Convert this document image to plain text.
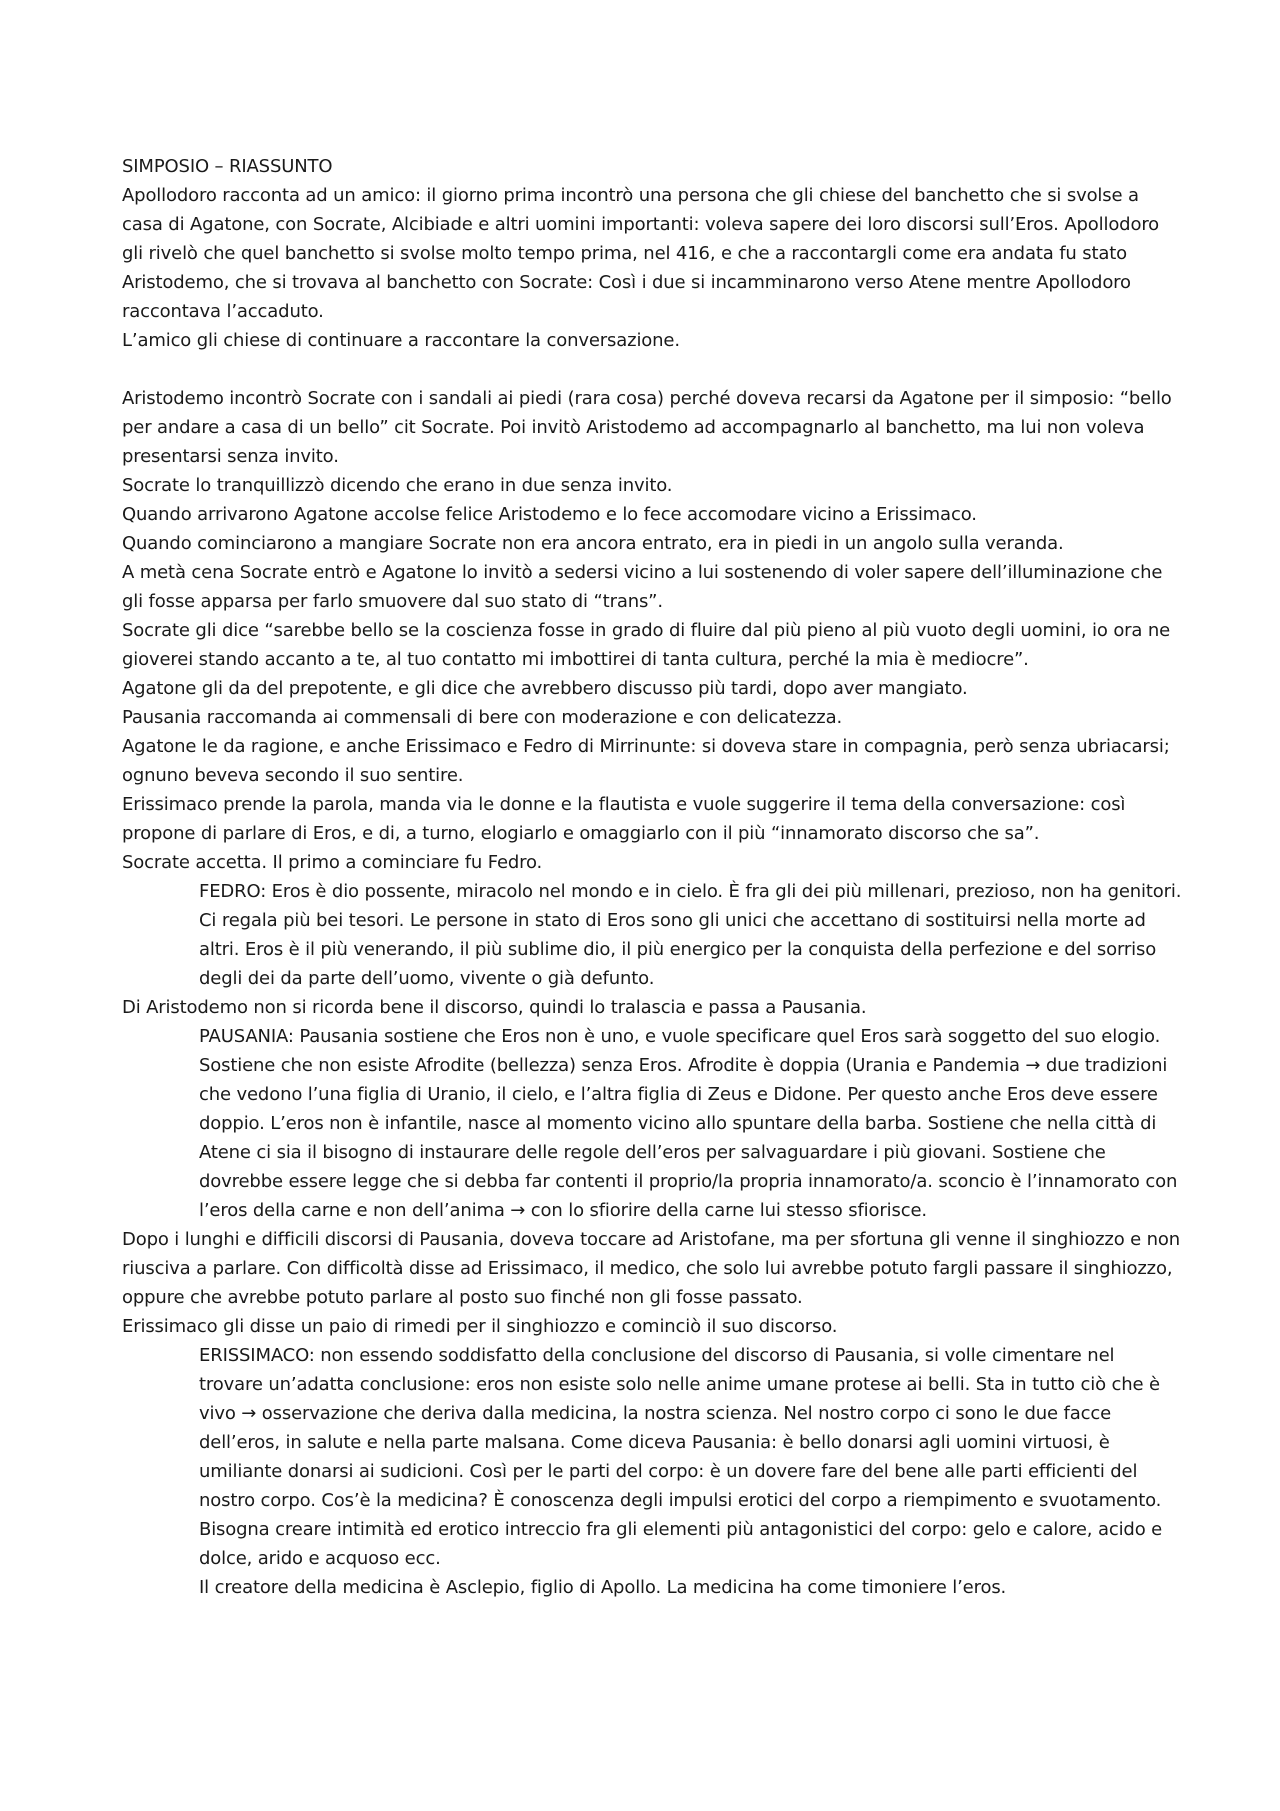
SIMPOSIO – RIASSUNTO

Apollodoro racconta ad un amico: il giorno prima incontrò una persona che gli chiese del banchetto che si svolse a casa di Agatone, con Socrate, Alcibiade e altri uomini importanti: voleva sapere dei loro discorsi sull’Eros. Apollodoro gli rivelò che quel banchetto si svolse molto tempo prima, nel 416, e che a raccontargli come era andata fu stato Aristodemo, che si trovava al banchetto con Socrate: Così i due si incamminarono verso Atene mentre Apollodoro raccontava l’accaduto.

L’amico gli chiese di continuare a raccontare la conversazione.

Aristodemo incontrò Socrate con i sandali ai piedi (rara cosa) perché doveva recarsi da Agatone per il simposio: “bello per andare a casa di un bello” cit Socrate. Poi invitò Aristodemo ad accompagnarlo al banchetto, ma lui non voleva presentarsi senza invito.

Socrate lo tranquillizzò dicendo che erano in due senza invito.

Quando arrivarono Agatone accolse felice Aristodemo e lo fece accomodare vicino a Erissimaco.

Quando cominciarono a mangiare Socrate non era ancora entrato, era in piedi in un angolo sulla veranda.

A metà cena Socrate entrò e Agatone lo invitò a sedersi vicino a lui sostenendo di voler sapere dell’illuminazione che gli fosse apparsa per farlo smuovere dal suo stato di “trans”.

Socrate gli dice “sarebbe bello se la coscienza fosse in grado di fluire dal più pieno al più vuoto degli uomini, io ora ne gioverei stando accanto a te, al tuo contatto mi imbottirei di tanta cultura, perché la mia è mediocre”.

Agatone gli da del prepotente, e gli dice che avrebbero discusso più tardi, dopo aver mangiato.

Pausania raccomanda ai commensali di bere con moderazione e con delicatezza.

Agatone le da ragione, e anche Erissimaco e Fedro di Mirrinunte: si doveva stare in compagnia, però senza ubriacarsi; ognuno beveva secondo il suo sentire.

Erissimaco prende la parola, manda via le donne e la flautista e vuole suggerire il tema della conversazione: così propone di parlare di Eros, e di, a turno, elogiarlo e omaggiarlo con il più “innamorato discorso che sa”.

Socrate accetta. Il primo a cominciare fu Fedro.

FEDRO: Eros è dio possente, miracolo nel mondo e in cielo. È fra gli dei più millenari, prezioso, non ha genitori. Ci regala più bei tesori. Le persone in stato di Eros sono gli unici che accettano di sostituirsi nella morte ad altri. Eros è il più venerando, il più sublime dio, il più energico per la conquista della perfezione e del sorriso degli dei da parte dell’uomo, vivente o già defunto.

Di Aristodemo non si ricorda bene il discorso, quindi lo tralascia e passa a Pausania.

PAUSANIA: Pausania sostiene che Eros non è uno, e vuole specificare quel Eros sarà soggetto del suo elogio. Sostiene che non esiste Afrodite (bellezza) senza Eros. Afrodite è doppia (Urania e Pandemia → due tradizioni che vedono l’una figlia di Uranio, il cielo, e l’altra figlia di Zeus e Didone. Per questo anche Eros deve essere doppio. L’eros non è infantile, nasce al momento vicino allo spuntare della barba. Sostiene che nella città di Atene ci sia il bisogno di instaurare delle regole dell’eros per salvaguardare i più giovani. Sostiene che dovrebbe essere legge che si debba far contenti il proprio/la propria innamorato/a. sconcio è l’innamorato con l’eros della carne e non dell’anima → con lo sfiorire della carne lui stesso sfiorisce.

Dopo i lunghi e difficili discorsi di Pausania, doveva toccare ad Aristofane, ma per sfortuna gli venne il singhiozzo e non riusciva a parlare. Con difficoltà disse ad Erissimaco, il medico, che solo lui avrebbe potuto fargli passare il singhiozzo, oppure che avrebbe potuto parlare al posto suo finché non gli fosse passato.

Erissimaco gli disse un paio di rimedi per il singhiozzo e cominciò il suo discorso.

ERISSIMACO: non essendo soddisfatto della conclusione del discorso di Pausania, si volle cimentare nel trovare un’adatta conclusione: eros non esiste solo nelle anime umane protese ai belli. Sta in tutto ciò che è vivo → osservazione che deriva dalla medicina, la nostra scienza. Nel nostro corpo ci sono le due facce dell’eros, in salute e nella parte malsana. Come diceva Pausania: è bello donarsi agli uomini virtuosi, è umiliante donarsi ai sudicioni. Così per le parti del corpo: è un dovere fare del bene alle parti efficienti del nostro corpo. Cos’è la medicina? È conoscenza degli impulsi erotici del corpo a riempimento e svuotamento. Bisogna creare intimità ed erotico intreccio fra gli elementi più antagonistici del corpo: gelo e calore, acido e dolce, arido e acquoso ecc.

Il creatore della medicina è Asclepio, figlio di Apollo. La medicina ha come timoniere l’eros.
